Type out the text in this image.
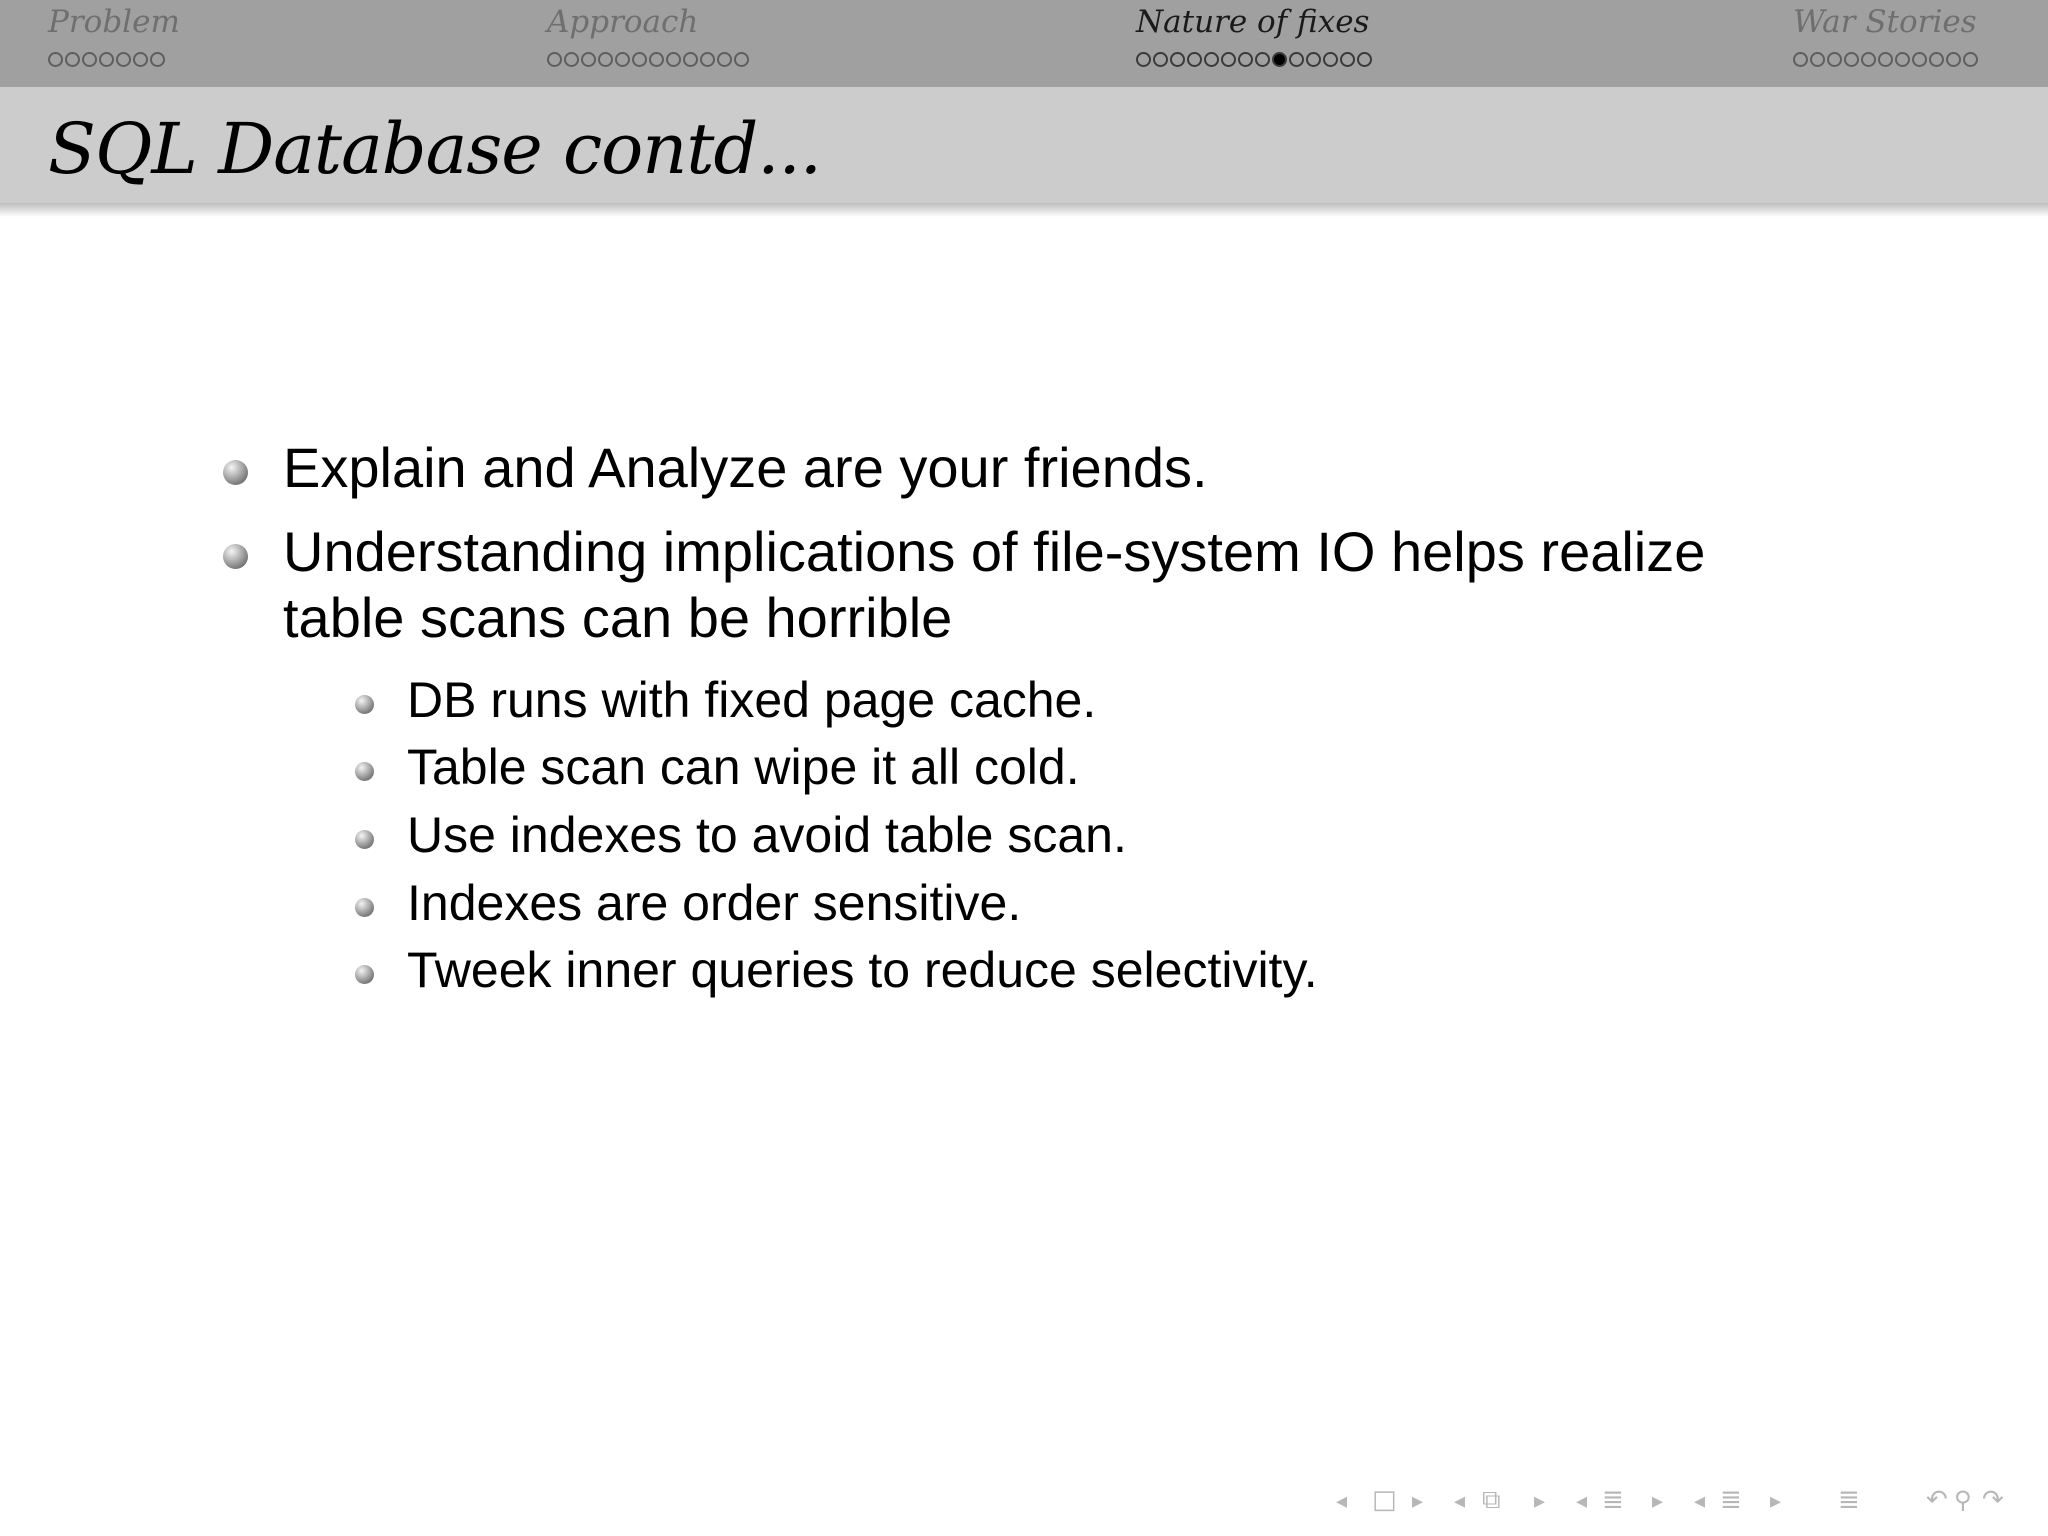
Problem	Approach	Nature of fixes	War Stories
SQL Database contd...
Explain and Analyze are your friends.
Understanding implications of file-system IO helps realize
table scans can be horrible
DB runs with fixed page cache.
Table scan can wipe it all cold.
Use indexes to avoid table scan.
Indexes are order sensitive.
Tweek inner queries to reduce selectivity.
◂ □ ▸ ◂ ⧉ ▸ ◂ ≣ ▸ ◂ ≣ ▸ ≣	↶ ⚲ ↷
